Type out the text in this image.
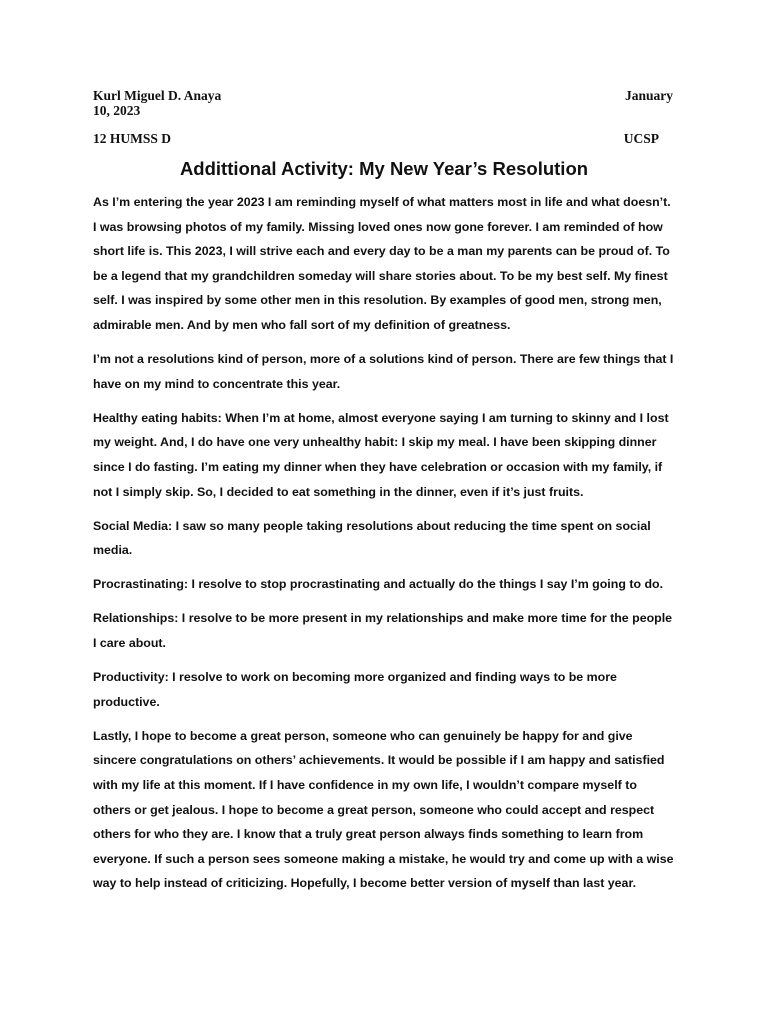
Kurl Miguel D. Anaya	January
10, 2023
12 HUMSS D	UCSP
Addittional Activity: My New Year’s Resolution

As I’m entering the year 2023 I am reminding myself of what matters most in life and what doesn’t. I was browsing photos of my family. Missing loved ones now gone forever. I am reminded of how short life is. This 2023, I will strive each and every day to be a man my parents can be proud of. To be a legend that my grandchildren someday will share stories about. To be my best self. My finest self. I was inspired by some other men in this resolution. By examples of good men, strong men, admirable men. And by men who fall sort of my definition of greatness.

I’m not a resolutions kind of person, more of a solutions kind of person. There are few things that I have on my mind to concentrate this year.

Healthy eating habits: When I’m at home, almost everyone saying I am turning to skinny and I lost my weight. And, I do have one very unhealthy habit: I skip my meal. I have been skipping dinner since I do fasting. I’m eating my dinner when they have celebration or occasion with my family, if not I simply skip. So, I decided to eat something in the dinner, even if it’s just fruits.

Social Media: I saw so many people taking resolutions about reducing the time spent on social media.

Procrastinating: I resolve to stop procrastinating and actually do the things I say I’m going to do.

Relationships: I resolve to be more present in my relationships and make more time for the people I care about.

Productivity: I resolve to work on becoming more organized and finding ways to be more productive.

Lastly, I hope to become a great person, someone who can genuinely be happy for and give sincere congratulations on others’ achievements. It would be possible if I am happy and satisfied with my life at this moment. If I have confidence in my own life, I wouldn’t compare myself to others or get jealous. I hope to become a great person, someone who could accept and respect others for who they are. I know that a truly great person always finds something to learn from everyone. If such a person sees someone making a mistake, he would try and come up with a wise way to help instead of criticizing. Hopefully, I become better version of myself than last year.
